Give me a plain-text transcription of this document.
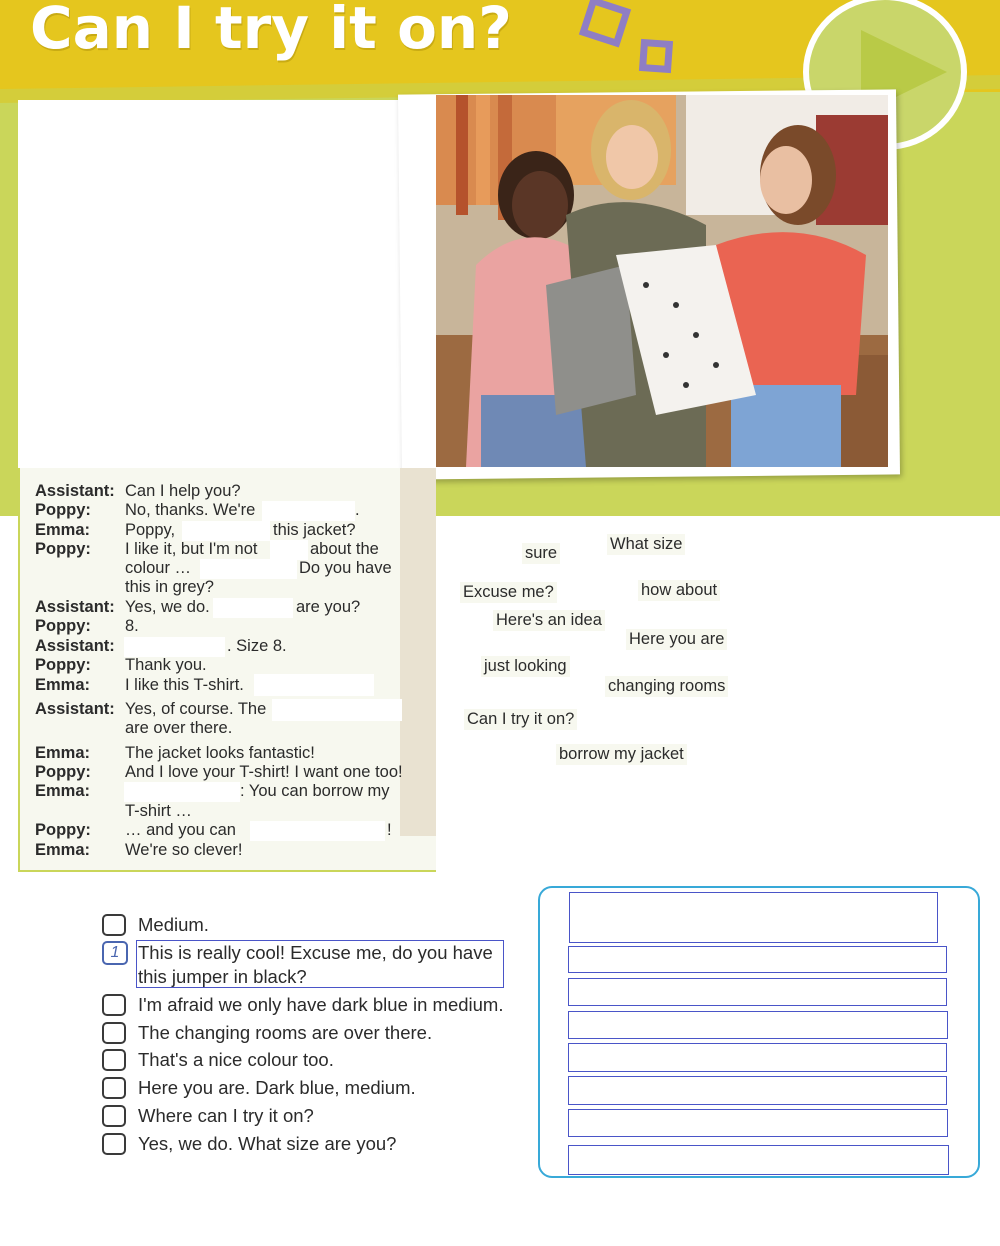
Can I try it on?
Assistant: Can I help you?
Poppy: No, thanks. We're	.
Emma: Poppy,	this jacket?
Poppy: I like it, but I'm not	about the
colour …	Do you have
this in grey?
Assistant: Yes, we do.	are you?
Poppy: 8.
Assistant:	. Size 8.
Poppy: Thank you.
Emma: I like this T-shirt.
Assistant: Yes, of course. The
are over there.
Emma: The jacket looks fantastic!
Poppy: And I love your T-shirt! I want one too!
Emma:	: You can borrow my
T-shirt …
Poppy: … and you can	!
Emma: We're so clever!
sure	What size
Excuse me?	how about
Here's an idea
Here you are
just looking
changing rooms
Can I try it on?
borrow my jacket
Medium.
1	This is really cool! Excuse me, do you have
this jumper in black?
I'm afraid we only have dark blue in medium.
The changing rooms are over there.
That's a nice colour too.
Here you are. Dark blue, medium.
Where can I try it on?
Yes, we do. What size are you?
